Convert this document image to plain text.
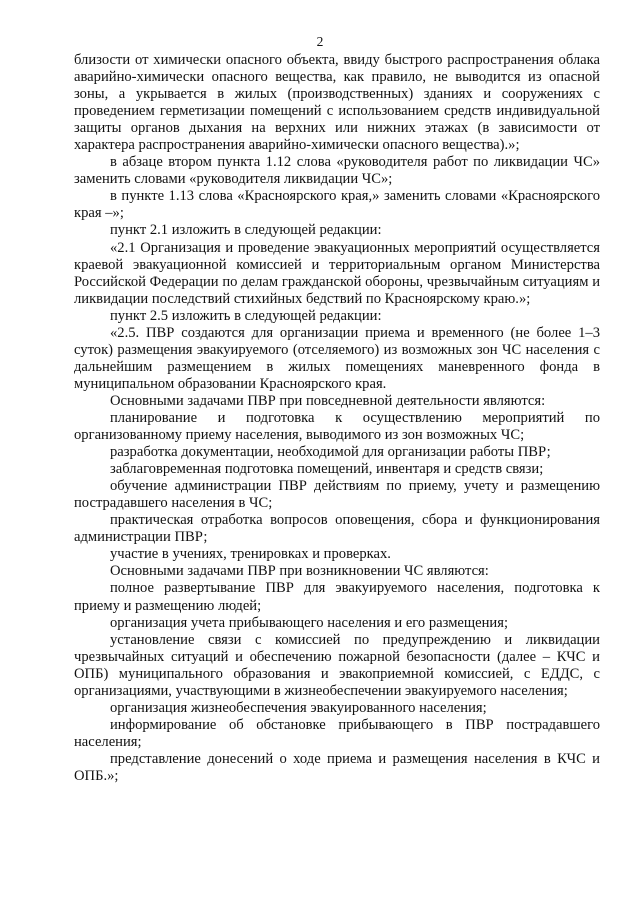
2

близости от химически опасного объекта, ввиду быстрого распространения облака аварийно-химически опасного вещества, как правило, не выводится из опасной зоны, а укрывается в жилых (производственных) зданиях и сооружениях с проведением герметизации помещений с использованием средств индивидуальной защиты органов дыхания на верхних или нижних этажах (в зависимости от характера распространения аварийно-химически опасного вещества).»;

в абзаце втором пункта 1.12 слова «руководителя работ по ликвидации ЧС» заменить словами «руководителя ликвидации ЧС»;

в пункте 1.13 слова «Красноярского края,» заменить словами «Красноярского края –»;

пункт 2.1 изложить в следующей редакции:

«2.1 Организация и проведение эвакуационных мероприятий осуществляется краевой эвакуационной комиссией и территориальным органом Министерства Российской Федерации по делам гражданской обороны, чрезвычайным ситуациям и ликвидации последствий стихийных бедствий по Красноярскому краю.»;

пункт 2.5 изложить в следующей редакции:

«2.5. ПВР создаются для организации приема и временного (не более 1–3 суток) размещения эвакуируемого (отселяемого) из возможных зон ЧС населения с дальнейшим размещением в жилых помещениях маневренного фонда в муниципальном образовании Красноярского края.

Основными задачами ПВР при повседневной деятельности являются:

планирование и подготовка к осуществлению мероприятий по организованному приему населения, выводимого из зон возможных ЧС;

разработка документации, необходимой для организации работы ПВР;

заблаговременная подготовка помещений, инвентаря и средств связи;

обучение администрации ПВР действиям по приему, учету и размещению пострадавшего населения в ЧС;

практическая отработка вопросов оповещения, сбора и функционирования администрации ПВР;

участие в учениях, тренировках и проверках.

Основными задачами ПВР при возникновении ЧС являются:

полное развертывание ПВР для эвакуируемого населения, подготовка к приему и размещению людей;

организация учета прибывающего населения и его размещения;

установление связи с комиссией по предупреждению и ликвидации чрезвычайных ситуаций и обеспечению пожарной безопасности (далее – КЧС и ОПБ) муниципального образования и эвакоприемной комиссией, с ЕДДС, с организациями, участвующими в жизнеобеспечении эвакуируемого населения;

организация жизнеобеспечения эвакуированного населения;

информирование об обстановке прибывающего в ПВР пострадавшего населения;

представление донесений о ходе приема и размещения населения в КЧС и ОПБ.»;
